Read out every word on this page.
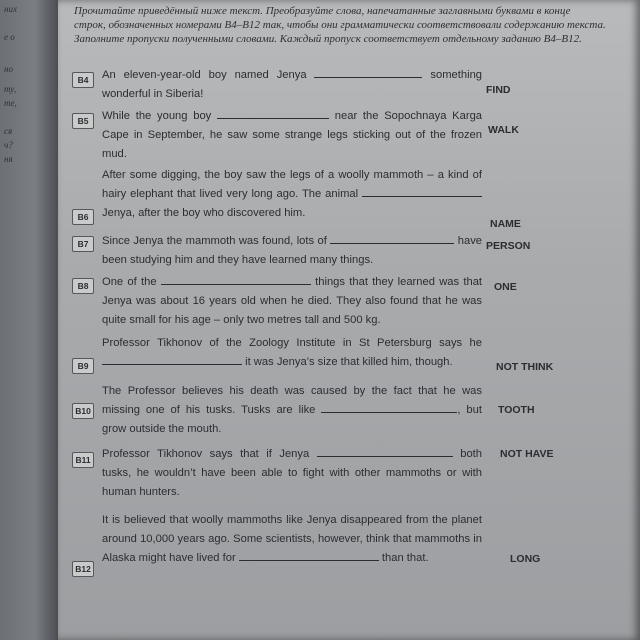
них
е о
но
ту,
те,
ся
ч?
ня
Прочитайте приведённый ниже текст. Преобразуйте слова, напечатанные заглавными буквами в конце
строк, обозначенных номерами B4–B12 так, чтобы они грамматически соответствовали содержанию текста.
Заполните пропуски полученными словами. Каждый пропуск соответствует отдельному заданию B4–B12.
B4	An eleven-year-old boy named Jenya	something wonderful in Siberia!	FIND
B5	While the young boy	near the Sopochnaya Karga Cape in September, he saw some strange legs sticking out of the frozen mud.
WALK
B6
After some digging, the boy saw the legs of a woolly mammoth – a kind of hairy elephant that lived very long ago. The animal  Jenya, after the boy who discovered him.
NAME
B7	Since Jenya the mammoth was found, lots of	have been studying him and they have learned many things.
PERSON
B8	One of the	things that they learned was that Jenya was about 16 years old when he died. They also found that he was quite small for his age – only two metres tall and 500 kg.
ONE
B9
Professor Tikhonov of the Zoology Institute in St Petersburg says he  it was Jenya’s size that killed him, though.	NOT THINK
B10
The Professor believes his death was caused by the fact that he was missing one of his tusks. Tusks are like	, but grow outside the mouth.
TOOTH
B11	Professor Tikhonov says that if Jenya	both tusks, he wouldn’t have been able to fight with other mammoths or with human hunters.
NOT HAVE
B12
It is believed that woolly mammoths like Jenya disappeared from the planet around 10,000 years ago. Some scientists, however, think that mammoths in Alaska might have lived for	than that.	LONG
